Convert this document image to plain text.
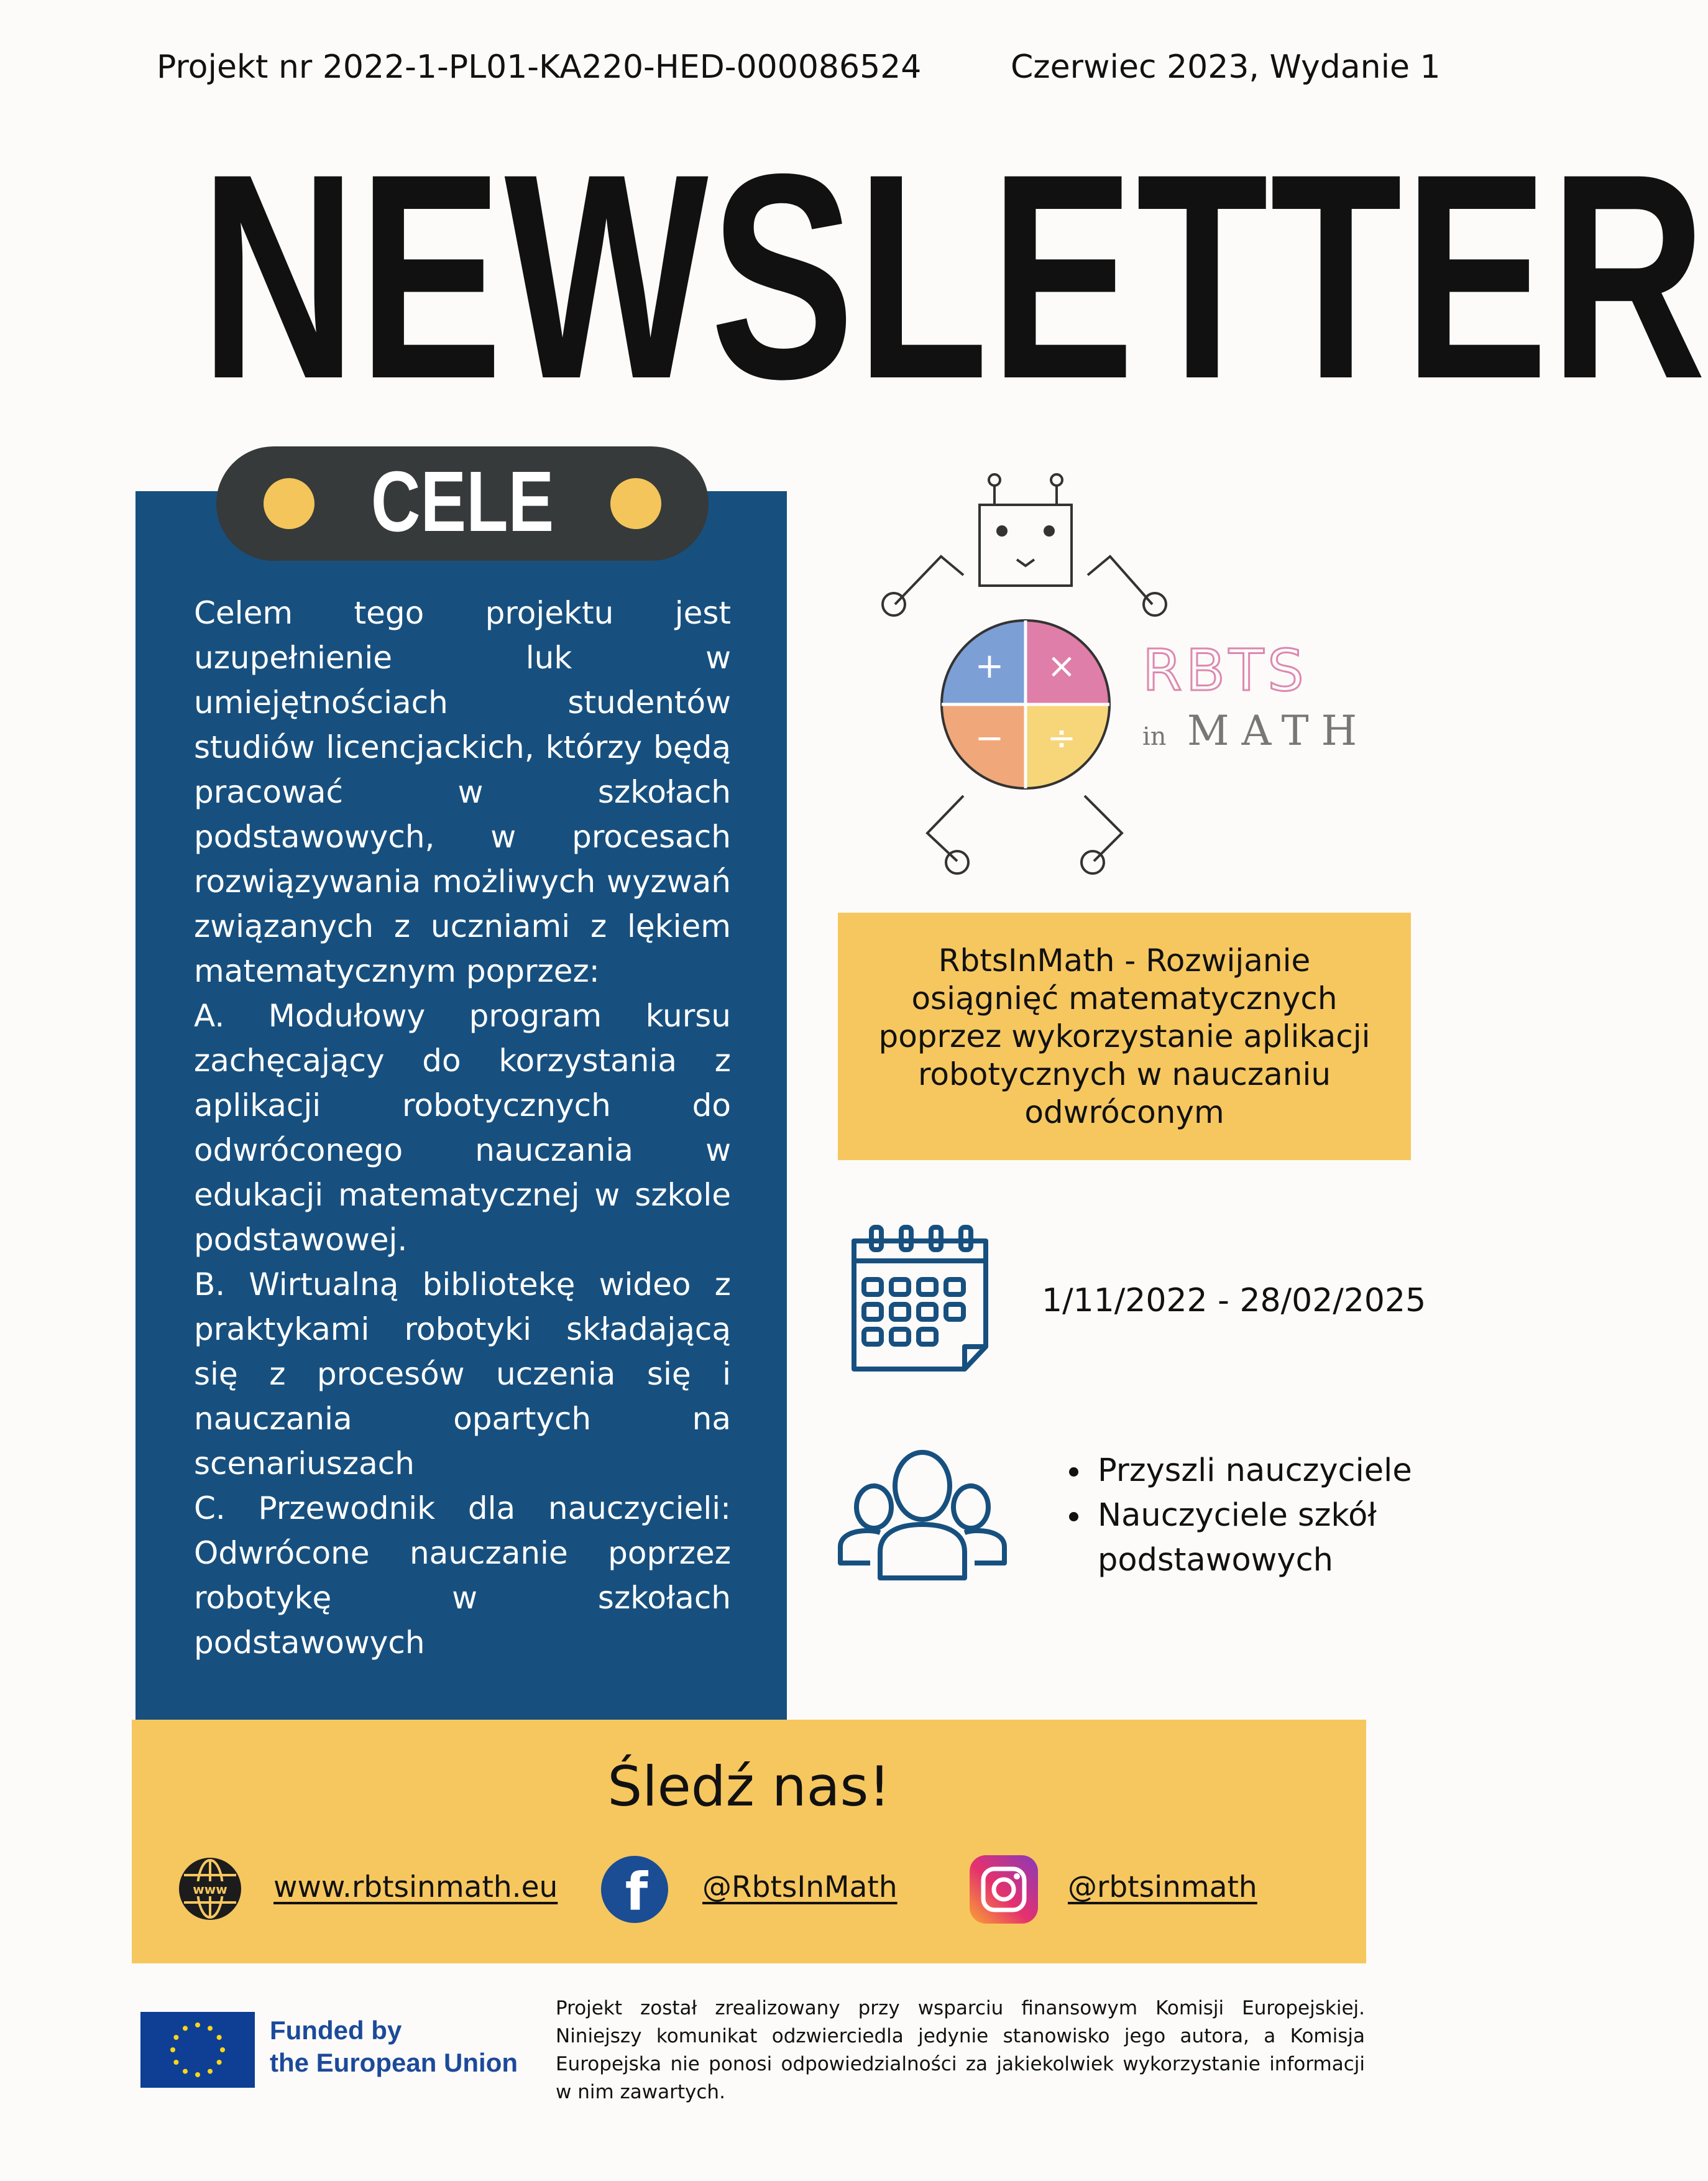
Projekt nr 2022-1-PL01-KA220-HED-000086524	Czerwiec 2023, Wydanie 1
NEWSLETTER
CELE

Celem tego projektu jest uzupełnienie luk w umiejętnościach studentów studiów licencjackich, którzy będą pracować w szkołach podstawowych, w procesach rozwiązywania możliwych wyzwań związanych z uczniami z lękiem matematycznym poprzez:

A. Modułowy program kursu zachęcający do korzystania z aplikacji robotycznych do odwróconego nauczania w edukacji matematycznej w szkole podstawowej.

B. Wirtualną bibliotekę wideo z praktykami robotyki składającą się z procesów uczenia się i nauczania opartych na scenariuszach

C. Przewodnik dla nauczycieli: Odwrócone nauczanie poprzez robotykę w szkołach podstawowych

+ ×
− ÷
RBTS
in MATH
RbtsInMath - Rozwijanie osiągnięć matematycznych poprzez wykorzystanie aplikacji robotycznych w nauczaniu odwróconym
1/11/2022 - 28/02/2025
Przyszli nauczyciele
Nauczyciele szkół podstawowych
Śledź nas!
www www.rbtsinmath.eu f @RbtsInMath	@rbtsinmath
Funded by
the European Union
Projekt został zrealizowany przy wsparciu finansowym Komisji Europejskiej. Niniejszy komunikat odzwierciedla jedynie stanowisko jego autora, a Komisja Europejska nie ponosi odpowiedzialności za jakiekolwiek wykorzystanie informacji w nim zawartych.
